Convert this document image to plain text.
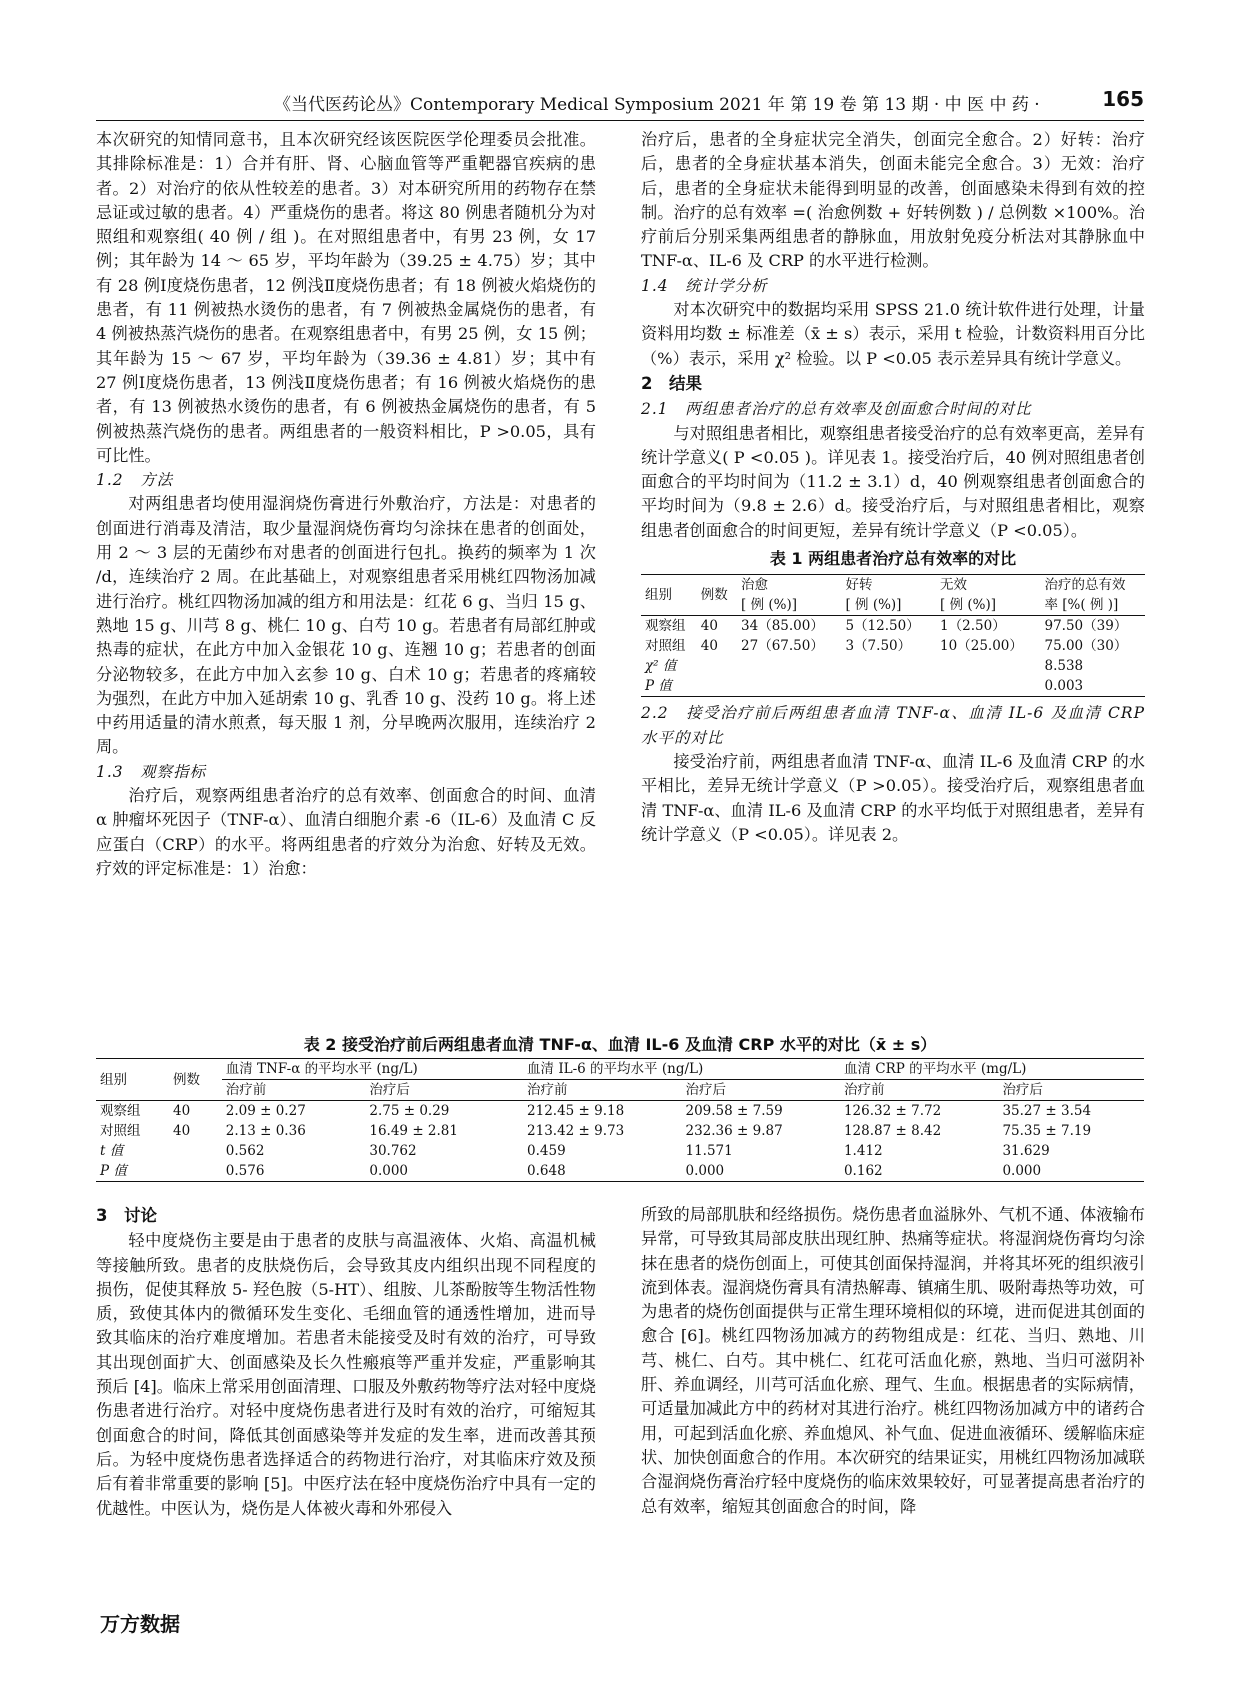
《当代医药论丛》Contemporary Medical Symposium 2021 年 第 19 卷 第 13 期 · 中 医 中 药 ·	165

本次研究的知情同意书，且本次研究经该医院医学伦理委员会批准。其排除标准是：1）合并有肝、肾、心脑血管等严重靶器官疾病的患者。2）对治疗的依从性较差的患者。3）对本研究所用的药物存在禁忌证或过敏的患者。4）严重烧伤的患者。将这 80 例患者随机分为对照组和观察组( 40 例 / 组 )。在对照组患者中，有男 23 例，女 17 例；其年龄为 14 ～ 65 岁，平均年龄为（39.25 ± 4.75）岁；其中有 28 例Ⅰ度烧伤患者，12 例浅Ⅱ度烧伤患者；有 18 例被火焰烧伤的患者，有 11 例被热水烫伤的患者，有 7 例被热金属烧伤的患者，有 4 例被热蒸汽烧伤的患者。在观察组患者中，有男 25 例，女 15 例；其年龄为 15 ～ 67 岁，平均年龄为（39.36 ± 4.81）岁；其中有 27 例Ⅰ度烧伤患者，13 例浅Ⅱ度烧伤患者；有 16 例被火焰烧伤的患者，有 13 例被热水烫伤的患者，有 6 例被热金属烧伤的患者，有 5 例被热蒸汽烧伤的患者。两组患者的一般资料相比，P >0.05，具有可比性。

1.2　方法

对两组患者均使用湿润烧伤膏进行外敷治疗，方法是：对患者的创面进行消毒及清洁，取少量湿润烧伤膏均匀涂抹在患者的创面处，用 2 ～ 3 层的无菌纱布对患者的创面进行包扎。换药的频率为 1 次 /d，连续治疗 2 周。在此基础上，对观察组患者采用桃红四物汤加减进行治疗。桃红四物汤加减的组方和用法是：红花 6 g、当归 15 g、熟地 15 g、川芎 8 g、桃仁 10 g、白芍 10 g。若患者有局部红肿或热毒的症状，在此方中加入金银花 10 g、连翘 10 g；若患者的创面分泌物较多，在此方中加入玄参 10 g、白术 10 g；若患者的疼痛较为强烈，在此方中加入延胡索 10 g、乳香 10 g、没药 10 g。将上述中药用适量的清水煎煮，每天服 1 剂，分早晚两次服用，连续治疗 2 周。

1.3　观察指标

治疗后，观察两组患者治疗的总有效率、创面愈合的时间、血清 α 肿瘤坏死因子（TNF-α）、血清白细胞介素 -6（IL-6）及血清 C 反应蛋白（CRP）的水平。将两组患者的疗效分为治愈、好转及无效。疗效的评定标准是：1）治愈：

治疗后，患者的全身症状完全消失，创面完全愈合。2）好转：治疗后，患者的全身症状基本消失，创面未能完全愈合。3）无效：治疗后，患者的全身症状未能得到明显的改善，创面感染未得到有效的控制。治疗的总有效率 =( 治愈例数 + 好转例数 ) / 总例数 ×100%。治疗前后分别采集两组患者的静脉血，用放射免疫分析法对其静脉血中 TNF-α、IL-6 及 CRP 的水平进行检测。

1.4　统计学分析

对本次研究中的数据均采用 SPSS 21.0 统计软件进行处理，计量资料用均数 ± 标准差（x̄ ± s）表示，采用 t 检验，计数资料用百分比（%）表示，采用 χ² 检验。以 P <0.05 表示差异具有统计学意义。

2　结果

2.1　两组患者治疗的总有效率及创面愈合时间的对比

与对照组患者相比，观察组患者接受治疗的总有效率更高，差异有统计学意义( P <0.05 )。详见表 1。接受治疗后，40 例对照组患者创面愈合的平均时间为（11.2 ± 3.1）d，40 例观察组患者创面愈合的平均时间为（9.8 ± 2.6）d。接受治疗后，与对照组患者相比，观察组患者创面愈合的时间更短，差异有统计学意义（P <0.05）。

表 1 两组患者治疗总有效率的对比
组别	例数	治愈	好转	无效	治疗的总有效
		[ 例 (%)]	[ 例 (%)]	[ 例 (%)]	率 [%( 例 )]
观察组	40	34（85.00）	5（12.50）	1（2.50）	97.50（39）
对照组	40	27（67.50）	3（7.50）	10（25.00）	75.00（30）
χ² 值					8.538
P 值					0.003

2.2　接受治疗前后两组患者血清 TNF-α、血清 IL-6 及血清 CRP 水平的对比

接受治疗前，两组患者血清 TNF-α、血清 IL-6 及血清 CRP 的水平相比，差异无统计学意义（P >0.05）。接受治疗后，观察组患者血清 TNF-α、血清 IL-6 及血清 CRP 的水平均低于对照组患者，差异有统计学意义（P <0.05）。详见表 2。

表 2 接受治疗前后两组患者血清 TNF-α、血清 IL-6 及血清 CRP 水平的对比（x̄ ± s）
组别	例数	血清 TNF-α 的平均水平 (ng/L)		血清 IL-6 的平均水平 (ng/L)		血清 CRP 的平均水平 (mg/L)	
		治疗前	治疗后	治疗前	治疗后	治疗前	治疗后
观察组	40	2.09 ± 0.27	2.75 ± 0.29	212.45 ± 9.18	209.58 ± 7.59	126.32 ± 7.72	35.27 ± 3.54
对照组	40	2.13 ± 0.36	16.49 ± 2.81	213.42 ± 9.73	232.36 ± 9.87	128.87 ± 8.42	75.35 ± 7.19
t 值		0.562	30.762	0.459	11.571	1.412	31.629
P 值		0.576	0.000	0.648	0.000	0.162	0.000

3　讨论

轻中度烧伤主要是由于患者的皮肤与高温液体、火焰、高温机械等接触所致。患者的皮肤烧伤后，会导致其皮内组织出现不同程度的损伤，促使其释放 5- 羟色胺（5-HT）、组胺、儿茶酚胺等生物活性物质，致使其体内的微循环发生变化、毛细血管的通透性增加，进而导致其临床的治疗难度增加。若患者未能接受及时有效的治疗，可导致其出现创面扩大、创面感染及长久性瘢痕等严重并发症，严重影响其预后 [4]。临床上常采用创面清理、口服及外敷药物等疗法对轻中度烧伤患者进行治疗。对轻中度烧伤患者进行及时有效的治疗，可缩短其创面愈合的时间，降低其创面感染等并发症的发生率，进而改善其预后。为轻中度烧伤患者选择适合的药物进行治疗，对其临床疗效及预后有着非常重要的影响 [5]。中医疗法在轻中度烧伤治疗中具有一定的优越性。中医认为，烧伤是人体被火毒和外邪侵入

所致的局部肌肤和经络损伤。烧伤患者血溢脉外、气机不通、体液输布异常，可导致其局部皮肤出现红肿、热痛等症状。将湿润烧伤膏均匀涂抹在患者的烧伤创面上，可使其创面保持湿润，并将其坏死的组织液引流到体表。湿润烧伤膏具有清热解毒、镇痛生肌、吸附毒热等功效，可为患者的烧伤创面提供与正常生理环境相似的环境，进而促进其创面的愈合 [6]。桃红四物汤加减方的药物组成是：红花、当归、熟地、川芎、桃仁、白芍。其中桃仁、红花可活血化瘀，熟地、当归可滋阴补肝、养血调经，川芎可活血化瘀、理气、生血。根据患者的实际病情，可适量加减此方中的药材对其进行治疗。桃红四物汤加减方中的诸药合用，可起到活血化瘀、养血熄风、补气血、促进血液循环、缓解临床症状、加快创面愈合的作用。本次研究的结果证实，用桃红四物汤加减联合湿润烧伤膏治疗轻中度烧伤的临床效果较好，可显著提高患者治疗的总有效率，缩短其创面愈合的时间，降

万方数据
